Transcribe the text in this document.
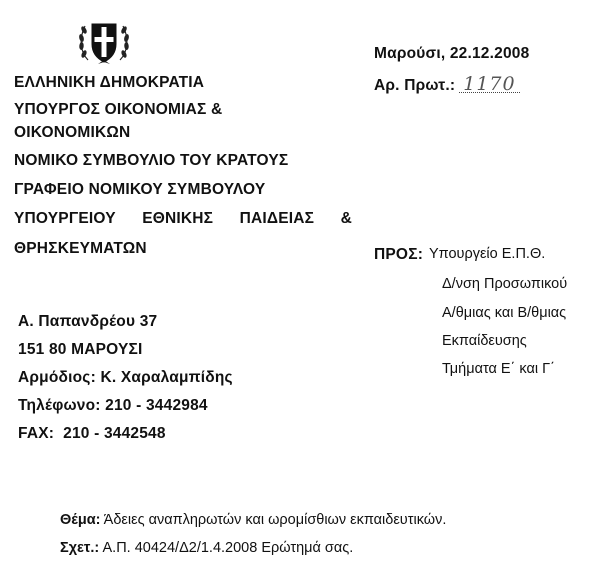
ΕΛΛΗΝΙΚΗ ΔΗΜΟΚΡΑΤΙΑ
ΥΠΟΥΡΓΟΣ ΟΙΚΟΝΟΜΙΑΣ &
ΟΙΚΟΝΟΜΙΚΩΝ
ΝΟΜΙΚΟ ΣΥΜΒΟΥΛΙΟ ΤΟΥ ΚΡΑΤΟΥΣ
ΓΡΑΦΕΙΟ ΝΟΜΙΚΟΥ ΣΥΜΒΟΥΛΟΥ
ΥΠΟΥΡΓΕΙΟΥ ΕΘΝΙΚΗΣ ΠΑΙΔΕΙΑΣ &
ΘΡΗΣΚΕΥΜΑΤΩΝ
Μαρούσι, 22.12.2008
Αρ. Πρωτ.: 1170
ΠΡΟΣ: Υπουργείο Ε.Π.Θ.
Δ/νση Προσωπικού
Α/θμιας και Β/θμιας
Εκπαίδευσης
Τμήματα Ε΄ και Γ΄
Α. Παπανδρέου 37
151 80 ΜΑΡΟΥΣΙ
Αρμόδιος: Κ. Χαραλαμπίδης
Τηλέφωνο: 210 - 3442984
FAX: 210 - 3442548
Θέμα: Άδειες αναπληρωτών και ωρομίσθιων εκπαιδευτικών.
Σχετ.: Α.Π. 40424/Δ2/1.4.2008 Ερώτημά σας.
